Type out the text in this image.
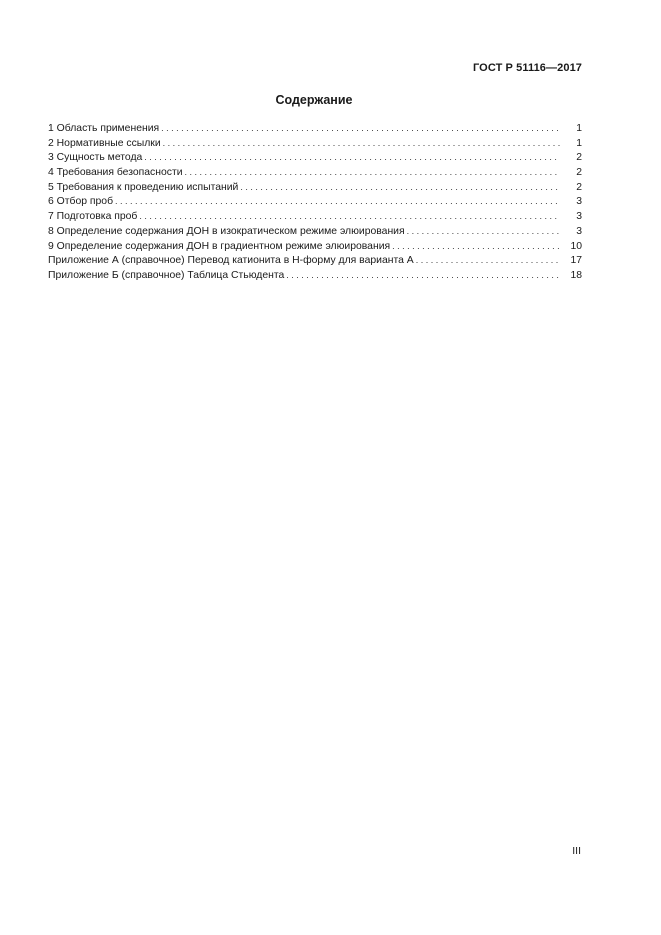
ГОСТ Р 51116—2017
Содержание
1 Область применения . . .	1
2 Нормативные ссылки . . .	1
3 Сущность метода . . .	2
4 Требования безопасности . . .	2
5 Требования к проведению испытаний . . .	2
6 Отбор проб . . .	3
7 Подготовка проб . . .	3
8 Определение содержания ДОН в изократическом режиме элюирования . . .	3
9 Определение содержания ДОН в градиентном режиме элюирования . . .	10
Приложение А (справочное) Перевод катионита в Н-форму для варианта А . . .	17
Приложение Б (справочное) Таблица Стьюдента . . .	18
III
